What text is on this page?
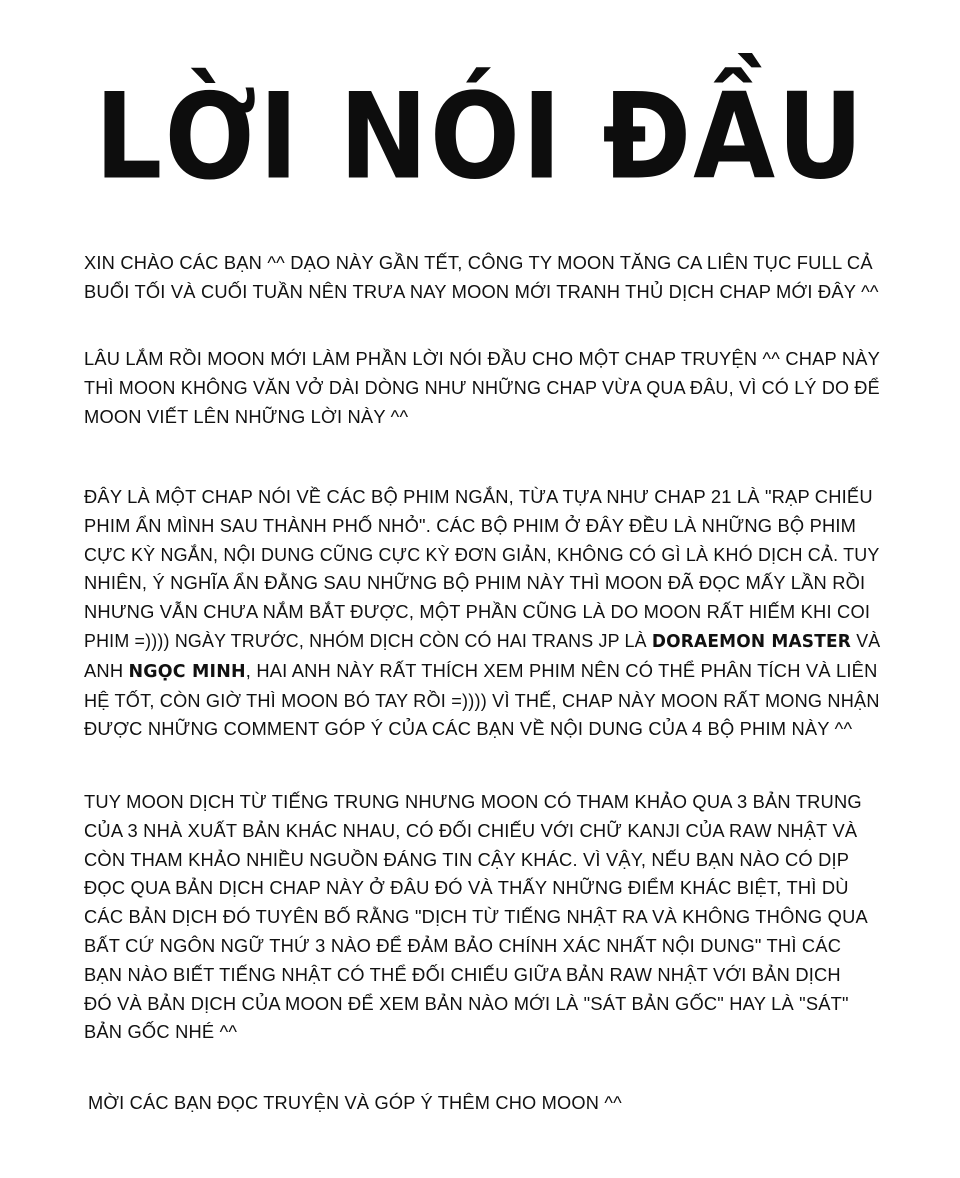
LỜI NÓI ĐẦU

XIN CHÀO CÁC BẠN ^^ DẠO NÀY GẦN TẾT, CÔNG TY MOON TĂNG CA LIÊN TỤC FULL CẢ BUỔI TỐI VÀ CUỐI TUẦN NÊN TRƯA NAY MOON MỚI TRANH THỦ DỊCH CHAP MỚI ĐÂY ^^

LÂU LẮM RỒI MOON MỚI LÀM PHẦN LỜI NÓI ĐẦU CHO MỘT CHAP TRUYỆN ^^ CHAP NÀY THÌ MOON KHÔNG VĂN VỞ DÀI DÒNG NHƯ NHỮNG CHAP VỪA QUA ĐÂU, VÌ CÓ LÝ DO ĐỂ MOON VIẾT LÊN NHỮNG LỜI NÀY ^^

ĐÂY LÀ MỘT CHAP NÓI VỀ CÁC BỘ PHIM NGẮN, TỪA TỰA NHƯ CHAP 21 LÀ "RẠP CHIẾU PHIM ẨN MÌNH SAU THÀNH PHỐ NHỎ". CÁC BỘ PHIM Ở ĐÂY ĐỀU LÀ NHỮNG BỘ PHIM CỰC KỲ NGẮN, NỘI DUNG CŨNG CỰC KỲ ĐƠN GIẢN, KHÔNG CÓ GÌ LÀ KHÓ DỊCH CẢ. TUY NHIÊN, Ý NGHĨA ẨN ĐẰNG SAU NHỮNG BỘ PHIM NÀY THÌ MOON ĐÃ ĐỌC MẤY LẦN RỒI NHƯNG VẪN CHƯA NẮM BẮT ĐƯỢC, MỘT PHẦN CŨNG LÀ DO MOON RẤT HIẾM KHI COI PHIM =)))) NGÀY TRƯỚC, NHÓM DỊCH CÒN CÓ HAI TRANS JP LÀ DORAEMON MASTER VÀ ANH NGỌC MINH, HAI ANH NÀY RẤT THÍCH XEM PHIM NÊN CÓ THỂ PHÂN TÍCH VÀ LIÊN HỆ TỐT, CÒN GIỜ THÌ MOON BÓ TAY RỒI =)))) VÌ THẾ, CHAP NÀY MOON RẤT MONG NHẬN ĐƯỢC NHỮNG COMMENT GÓP Ý CỦA CÁC BẠN VỀ NỘI DUNG CỦA 4 BỘ PHIM NÀY ^^

TUY MOON DỊCH TỪ TIẾNG TRUNG NHƯNG MOON CÓ THAM KHẢO QUA 3 BẢN TRUNG CỦA 3 NHÀ XUẤT BẢN KHÁC NHAU, CÓ ĐỐI CHIẾU VỚI CHỮ KANJI CỦA RAW NHẬT VÀ CÒN THAM KHẢO NHIỀU NGUỒN ĐÁNG TIN CẬY KHÁC. VÌ VẬY, NẾU BẠN NÀO CÓ DỊP ĐỌC QUA BẢN DỊCH CHAP NÀY Ở ĐÂU ĐÓ VÀ THẤY NHỮNG ĐIỂM KHÁC BIỆT, THÌ DÙ CÁC BẢN DỊCH ĐÓ TUYÊN BỐ RẰNG "DỊCH TỪ TIẾNG NHẬT RA VÀ KHÔNG THÔNG QUA BẤT CỨ NGÔN NGỮ THỨ 3 NÀO ĐỂ ĐẢM BẢO CHÍNH XÁC NHẤT NỘI DUNG" THÌ CÁC BẠN NÀO BIẾT TIẾNG NHẬT CÓ THỂ ĐỐI CHIẾU GIỮA BẢN RAW NHẬT VỚI BẢN DỊCH ĐÓ VÀ BẢN DỊCH CỦA MOON ĐỂ XEM BẢN NÀO MỚI LÀ "SÁT BẢN GỐC" HAY LÀ "SÁT" BẢN GỐC NHÉ ^^

MỜI CÁC BẠN ĐỌC TRUYỆN VÀ GÓP Ý THÊM CHO MOON ^^
